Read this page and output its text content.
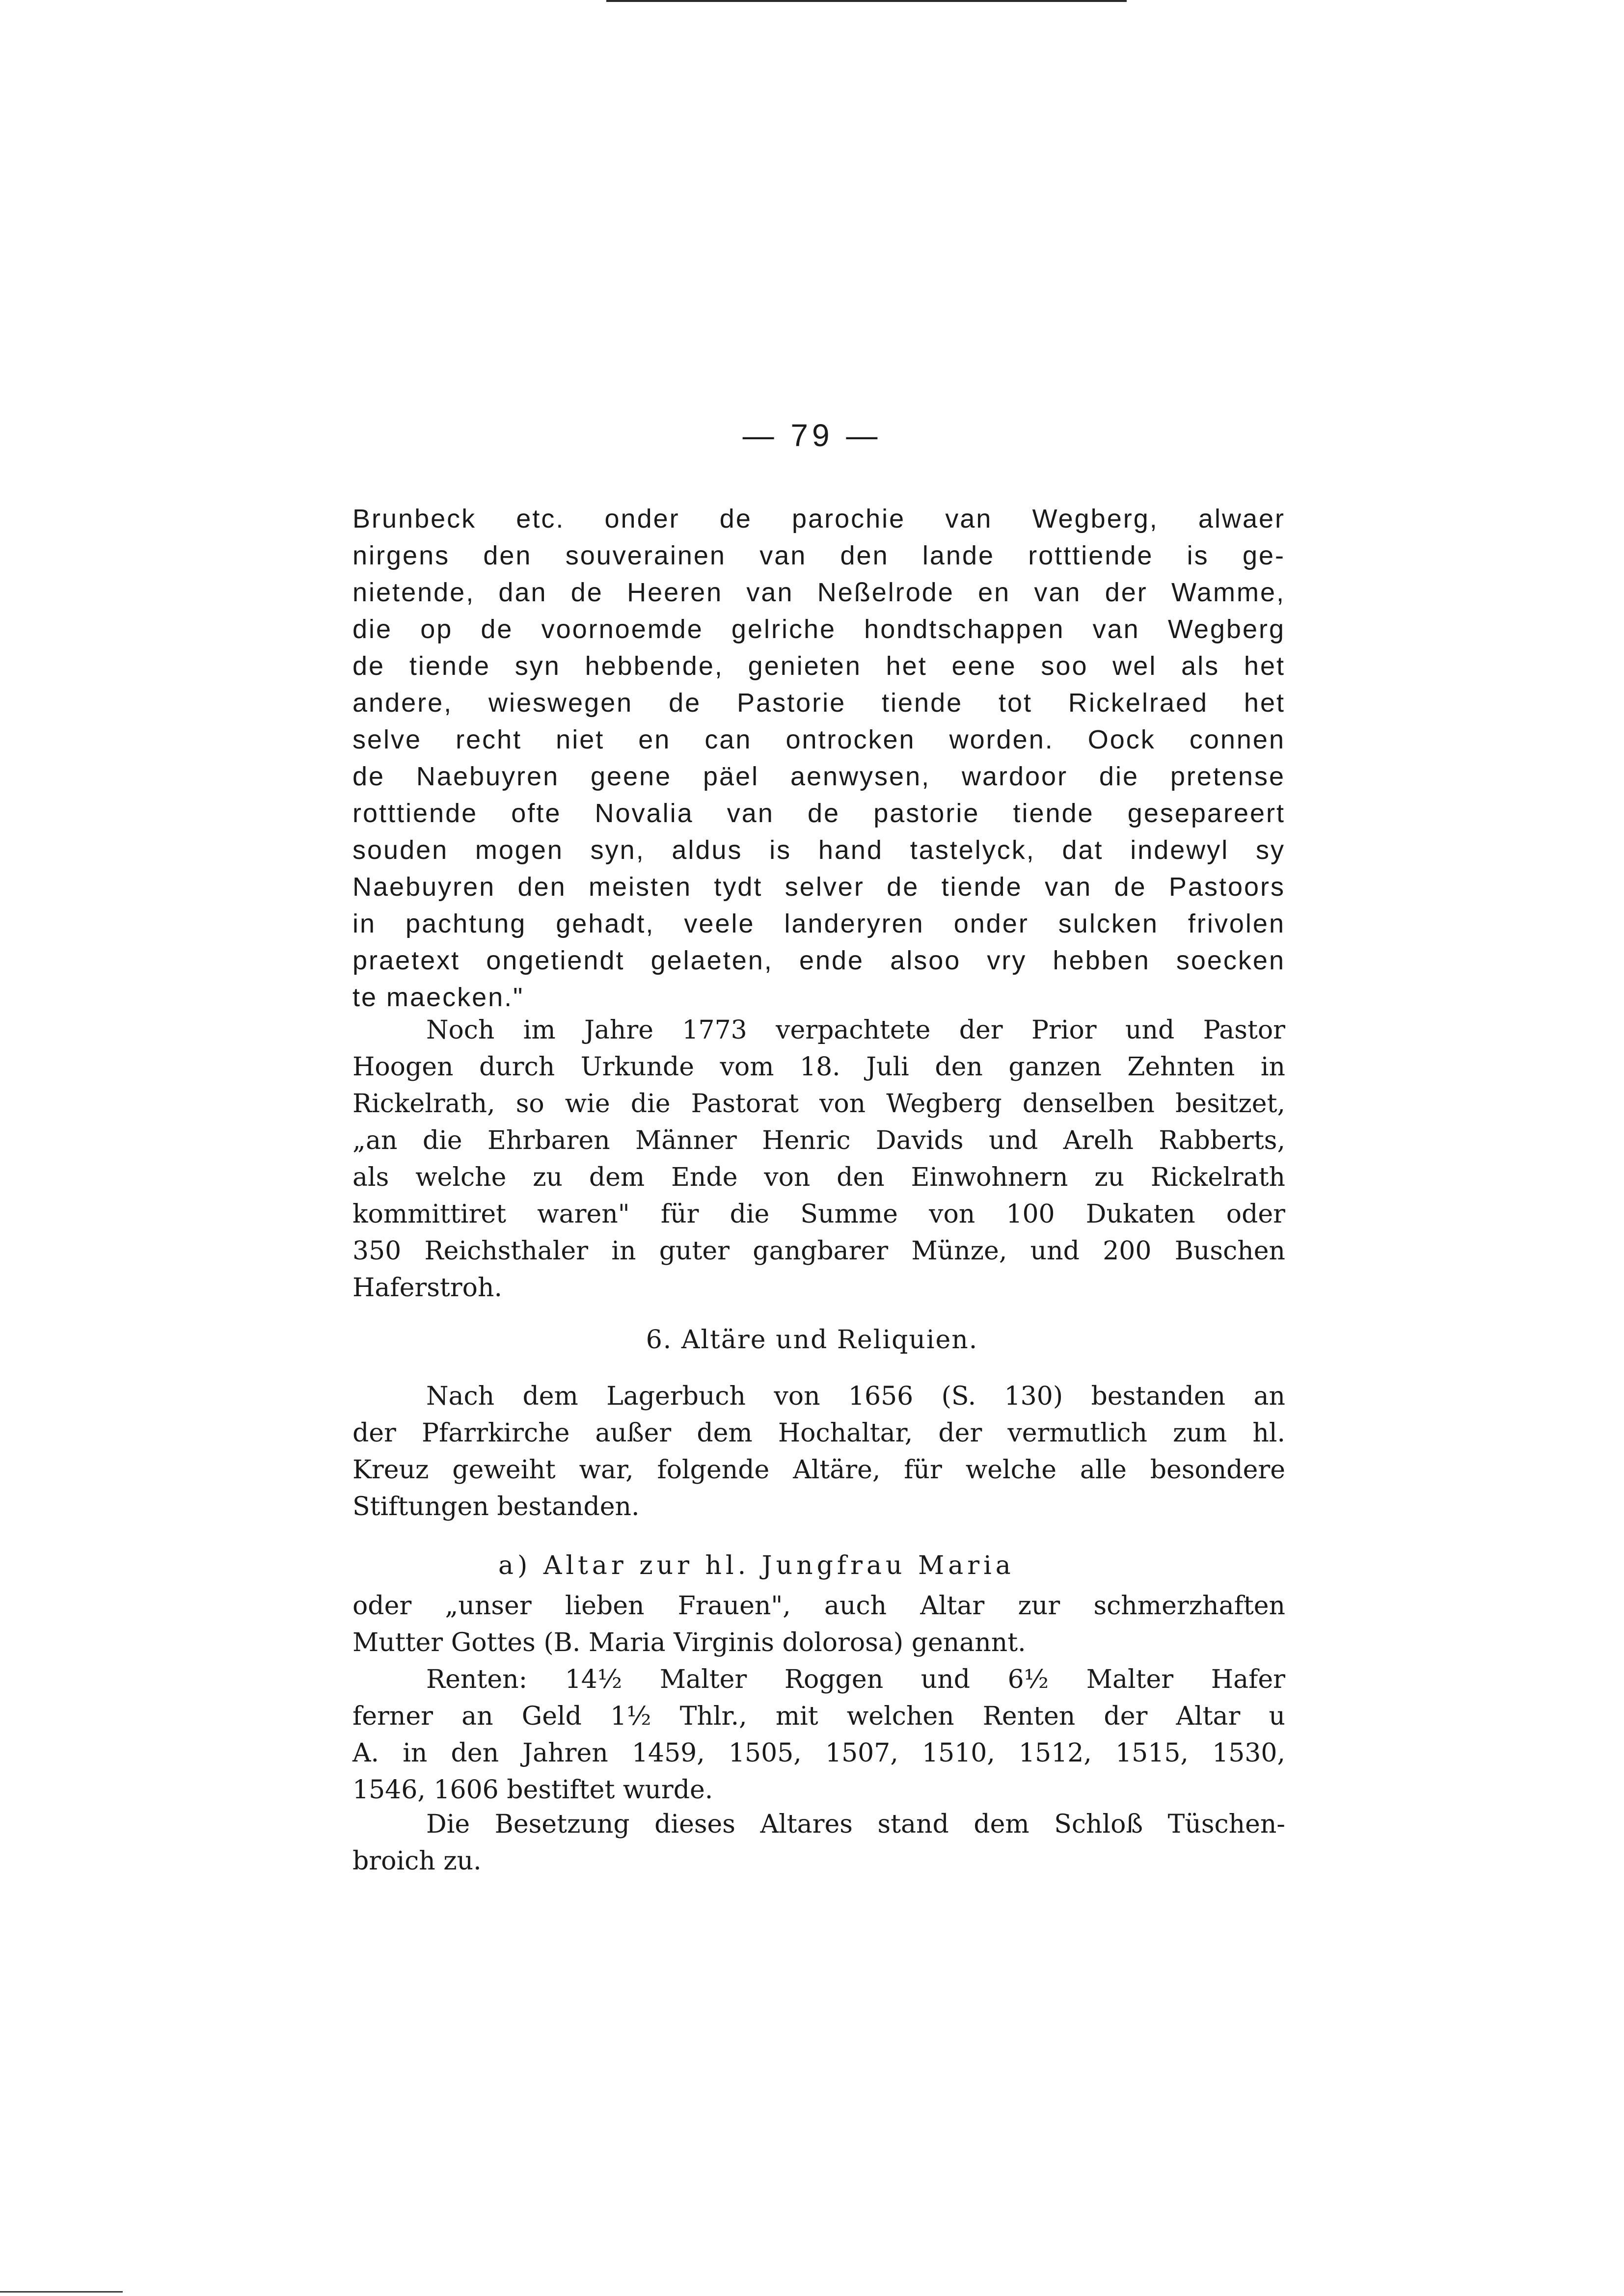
— 79 —
Brunbeck etc. onder de parochie van Wegberg, alwaer
nirgens den souverainen van den lande rotttiende is ge-
nietende, dan de Heeren van Neßelrode en van der Wamme,
die op de voornoemde gelriche hondtschappen van Wegberg
de tiende syn hebbende, genieten het eene soo wel als het
andere, wieswegen de Pastorie tiende tot Rickelraed het
selve recht niet en can ontrocken worden. Oock connen
de Naebuyren geene päel aenwysen, wardoor die pretense
rotttiende ofte Novalia van de pastorie tiende gesepareert
souden mogen syn, aldus is hand tastelyck, dat indewyl sy
Naebuyren den meisten tydt selver de tiende van de Pastoors
in pachtung gehadt, veele landeryren onder sulcken frivolen
praetext ongetiendt gelaeten, ende alsoo vry hebben soecken
te maecken."
Noch im Jahre 1773 verpachtete der Prior und Pastor
Hoogen durch Urkunde vom 18. Juli den ganzen Zehnten in
Rickelrath, so wie die Pastorat von Wegberg denselben besitzet,
„an die Ehrbaren Männer Henric Davids und Arelh Rabberts,
als welche zu dem Ende von den Einwohnern zu Rickelrath
kommittiret waren" für die Summe von 100 Dukaten oder
350 Reichsthaler in guter gangbarer Münze, und 200 Buschen
Haferstroh.
6. Altäre und Reliquien.
Nach dem Lagerbuch von 1656 (S. 130) bestanden an
der Pfarrkirche außer dem Hochaltar, der vermutlich zum hl.
Kreuz geweiht war, folgende Altäre, für welche alle besondere
Stiftungen bestanden.
a) Altar zur hl. Jungfrau Maria
oder „unser lieben Frauen", auch Altar zur schmerzhaften
Mutter Gottes (B. Maria Virginis dolorosa) genannt.
Renten: 14½ Malter Roggen und 6½ Malter Hafer
ferner an Geld 1½ Thlr., mit welchen Renten der Altar u
A. in den Jahren 1459, 1505, 1507, 1510, 1512, 1515, 1530,
1546, 1606 bestiftet wurde.
Die Besetzung dieses Altares stand dem Schloß Tüschen-
broich zu.
